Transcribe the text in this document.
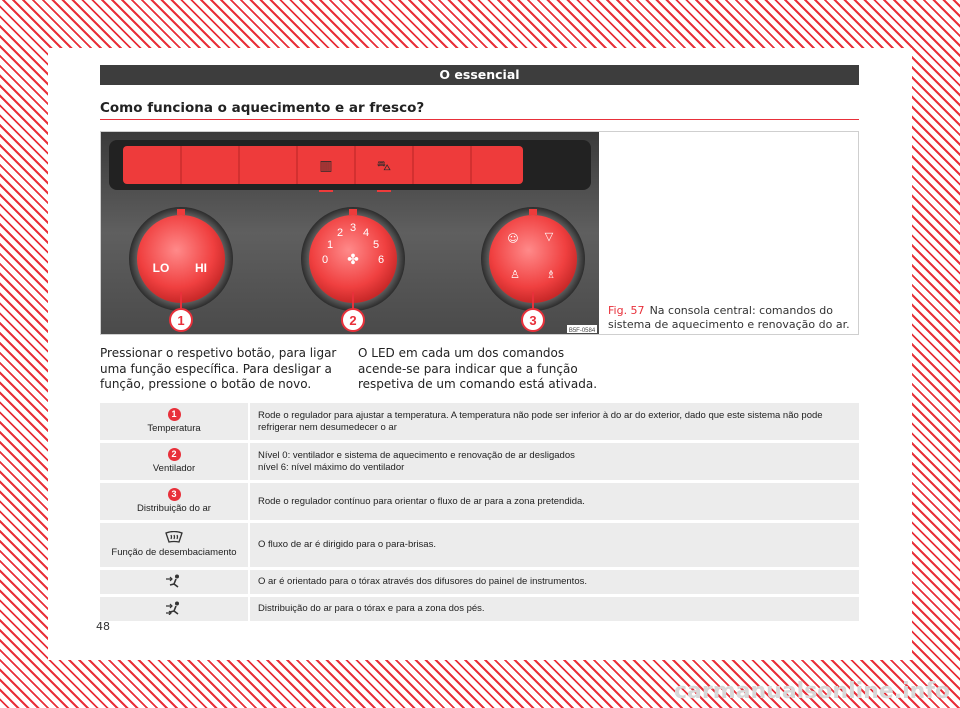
O essencial
Como funciona o aquecimento e ar fresco?
▥	⛍
LO HI
0
1
2 3 4
5
6
✤
☺ ▽
♙ ♗
1	2	3
B5F-0584
Fig. 57 Na consola central: comandos do sistema de aquecimento e renovação do ar.
Pressionar o respetivo botão, para ligar uma função específica. Para desligar a função, pressione o botão de novo.
O LED em cada um dos comandos acende-se para indicar que a função respetiva de um comando está ativada.
1
Temperatura	Rode o regulador para ajustar a temperatura. A temperatura não pode ser inferior à do ar do exterior, dado que este sistema não pode refrigerar nem desumedecer o ar
2
Ventilador	Nível 0: ventilador e sistema de aquecimento e renovação de ar desligados
nível 6: nível máximo do ventilador
3
Distribuição do ar	Rode o regulador contínuo para orientar o fluxo de ar para a zona pretendida.

Função de desembaciamento	O fluxo de ar é dirigido para o para-brisas.

	O ar é orientado para o tórax através dos difusores do painel de instrumentos.

	Distribuição do ar para o tórax e para a zona dos pés.
48
carmanualsonline.info
